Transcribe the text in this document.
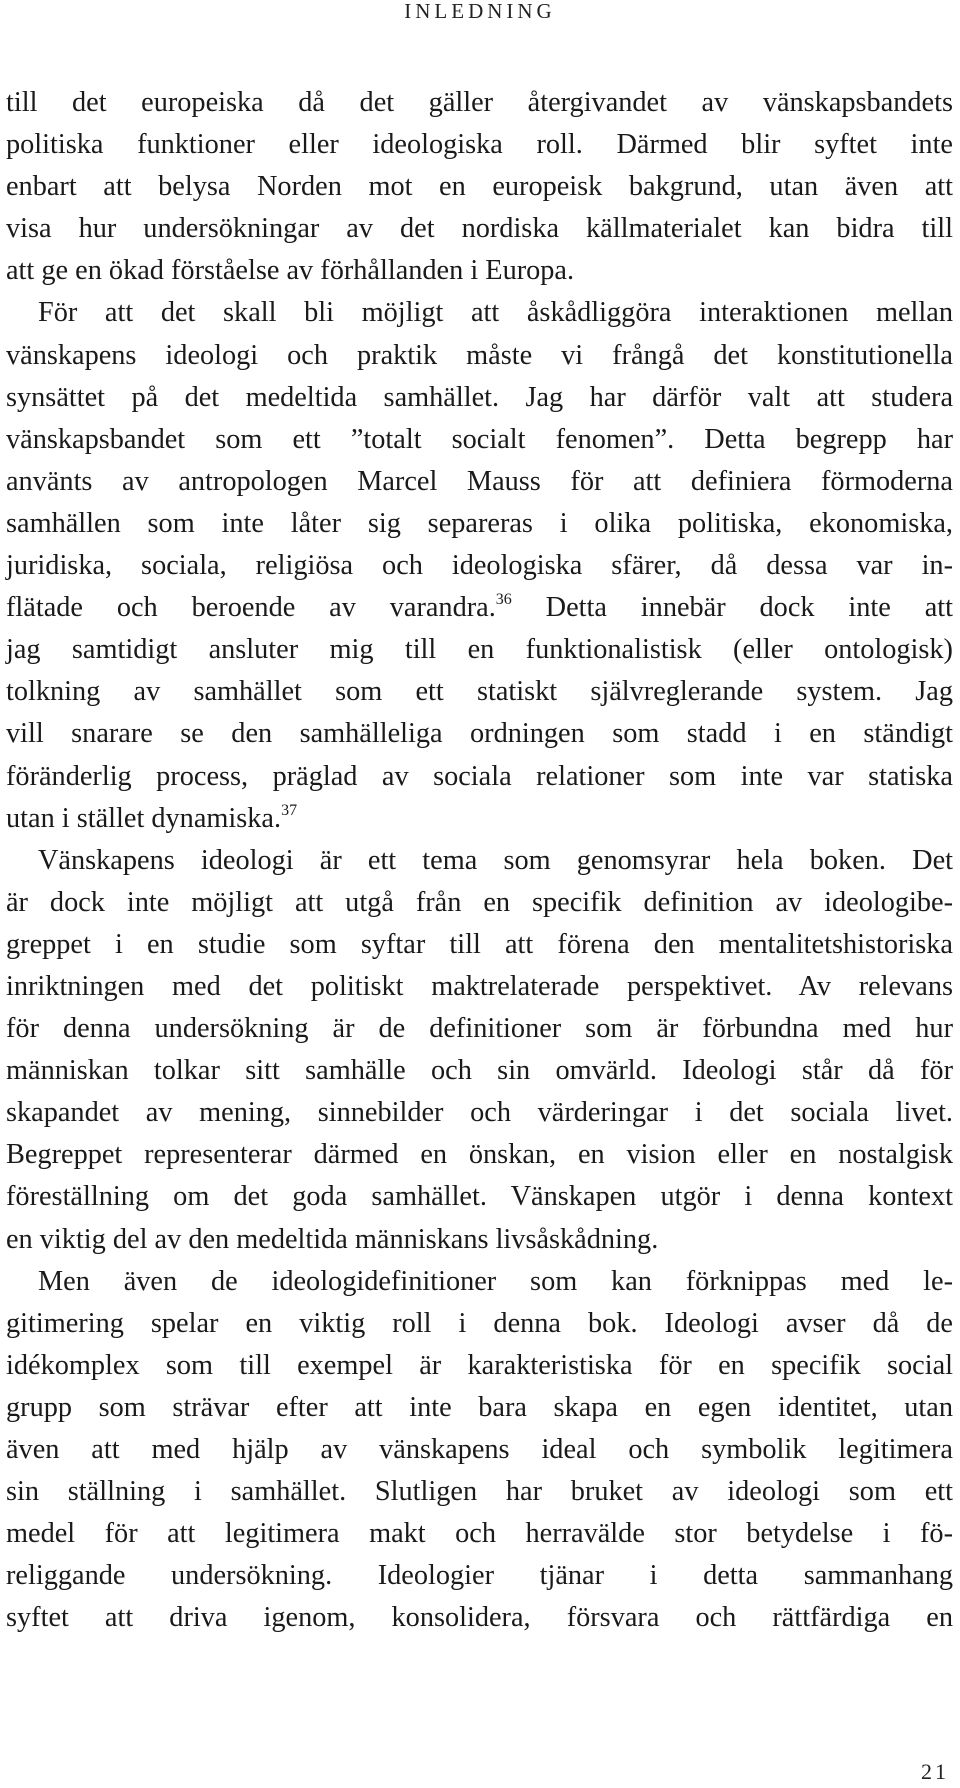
INLEDNING
till det europeiska då det gäller återgivandet av vänskapsbandets
politiska funktioner eller ideologiska roll. Därmed blir syftet inte
enbart att belysa Norden mot en europeisk bakgrund, utan även att
visa hur undersökningar av det nordiska källmaterialet kan bidra till
att ge en ökad förståelse av förhållanden i Europa.
För att det skall bli möjligt att åskådliggöra interaktionen mellan
vänskapens ideologi och praktik måste vi frångå det konstitutionella
synsättet på det medeltida samhället. Jag har därför valt att studera
vänskapsbandet som ett ”totalt socialt fenomen”. Detta begrepp har
använts av antropologen Marcel Mauss för att definiera förmoderna
samhällen som inte låter sig separeras i olika politiska, ekonomiska,
juridiska, sociala, religiösa och ideologiska sfärer, då dessa var in-
flätade och beroende av varandra.$^{36}$ Detta innebär dock inte att
jag samtidigt ansluter mig till en funktionalistisk (eller ontologisk)
tolkning av samhället som ett statiskt självreglerande system. Jag
vill snarare se den samhälleliga ordningen som stadd i en ständigt
föränderlig process, präglad av sociala relationer som inte var statiska
utan i stället dynamiska.$^{37}$
Vänskapens ideologi är ett tema som genomsyrar hela boken. Det
är dock inte möjligt att utgå från en specifik definition av ideologibe-
greppet i en studie som syftar till att förena den mentalitetshistoriska
inriktningen med det politiskt maktrelaterade perspektivet. Av relevans
för denna undersökning är de definitioner som är förbundna med hur
människan tolkar sitt samhälle och sin omvärld. Ideologi står då för
skapandet av mening, sinnebilder och värderingar i det sociala livet.
Begreppet representerar därmed en önskan, en vision eller en nostalgisk
föreställning om det goda samhället. Vänskapen utgör i denna kontext
en viktig del av den medeltida människans livsåskådning.
Men även de ideologidefinitioner som kan förknippas med le-
gitimering spelar en viktig roll i denna bok. Ideologi avser då de
idékomplex som till exempel är karakteristiska för en specifik social
grupp som strävar efter att inte bara skapa en egen identitet, utan
även att med hjälp av vänskapens ideal och symbolik legitimera
sin ställning i samhället. Slutligen har bruket av ideologi som ett
medel för att legitimera makt och herravälde stor betydelse i fö-
religgande undersökning. Ideologier tjänar i detta sammanhang
syftet att driva igenom, konsolidera, försvara och rättfärdiga en
21
